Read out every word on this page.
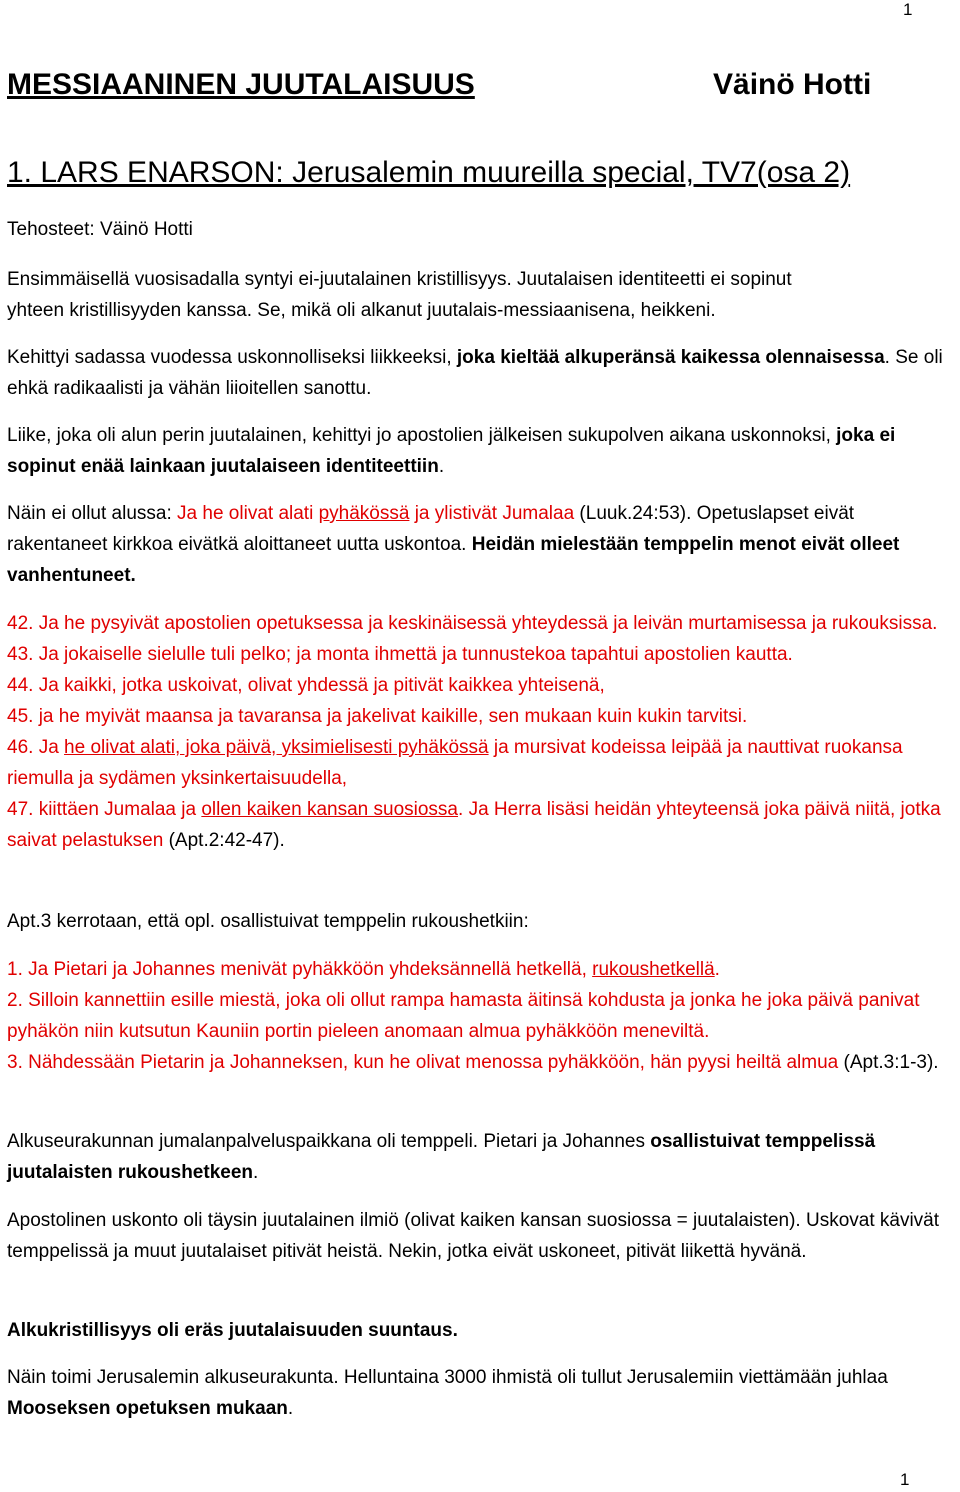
1
MESSIAANINEN JUUTALAISUUS	Väinö Hotti
1. LARS ENARSON: Jerusalemin muureilla special, TV7(osa 2)

Tehosteet: Väinö Hotti

Ensimmäisellä vuosisadalla syntyi ei-juutalainen kristillisyys. Juutalaisen identiteetti ei sopinut
yhteen kristillisyyden kanssa. Se, mikä oli alkanut juutalais-messiaanisena, heikkeni.

Kehittyi sadassa vuodessa uskonnolliseksi liikkeeksi, joka kieltää alkuperänsä kaikessa olennaisessa. Se oli ehkä radikaalisti ja vähän liioitellen sanottu.

Liike, joka oli alun perin juutalainen, kehittyi jo apostolien jälkeisen sukupolven aikana uskonnoksi, joka ei sopinut enää lainkaan juutalaiseen identiteettiin.

Näin ei ollut alussa: Ja he olivat alati pyhäkössä ja ylistivät Jumalaa (Luuk.24:53). Opetuslapset eivät rakentaneet kirkkoa eivätkä aloittaneet uutta uskontoa. Heidän mielestään temppelin menot eivät olleet vanhentuneet.

42. Ja he pysyivät apostolien opetuksessa ja keskinäisessä yhteydessä ja leivän murtamisessa ja rukouksissa.
43. Ja jokaiselle sielulle tuli pelko; ja monta ihmettä ja tunnustekoa tapahtui apostolien kautta.
44. Ja kaikki, jotka uskoivat, olivat yhdessä ja pitivät kaikkea yhteisenä,
45. ja he myivät maansa ja tavaransa ja jakelivat kaikille, sen mukaan kuin kukin tarvitsi.
46. Ja he olivat alati, joka päivä, yksimielisesti pyhäkössä ja mursivat kodeissa leipää ja nauttivat ruokansa riemulla ja sydämen yksinkertaisuudella,
47. kiittäen Jumalaa ja ollen kaiken kansan suosiossa. Ja Herra lisäsi heidän yhteyteensä joka päivä niitä, jotka saivat pelastuksen (Apt.2:42-47).

Apt.3 kerrotaan, että opl. osallistuivat temppelin rukoushetkiin:

1. Ja Pietari ja Johannes menivät pyhäkköön yhdeksännellä hetkellä, rukoushetkellä.
2. Silloin kannettiin esille miestä, joka oli ollut rampa hamasta äitinsä kohdusta ja jonka he joka päivä panivat pyhäkön niin kutsutun Kauniin portin pieleen anomaan almua pyhäkköön meneviltä.
3. Nähdessään Pietarin ja Johanneksen, kun he olivat menossa pyhäkköön, hän pyysi heiltä almua (Apt.3:1-3).

Alkuseurakunnan jumalanpalveluspaikkana oli temppeli. Pietari ja Johannes osallistuivat temppelissä juutalaisten rukoushetkeen.

Apostolinen uskonto oli täysin juutalainen ilmiö (olivat kaiken kansan suosiossa = juutalaisten). Uskovat kävivät temppelissä ja muut juutalaiset pitivät heistä. Nekin, jotka eivät uskoneet, pitivät liikettä hyvänä.

Alkukristillisyys oli eräs juutalaisuuden suuntaus.

Näin toimi Jerusalemin alkuseurakunta. Helluntaina 3000 ihmistä oli tullut Jerusalemiin viettämään juhlaa Mooseksen opetuksen mukaan.

1
